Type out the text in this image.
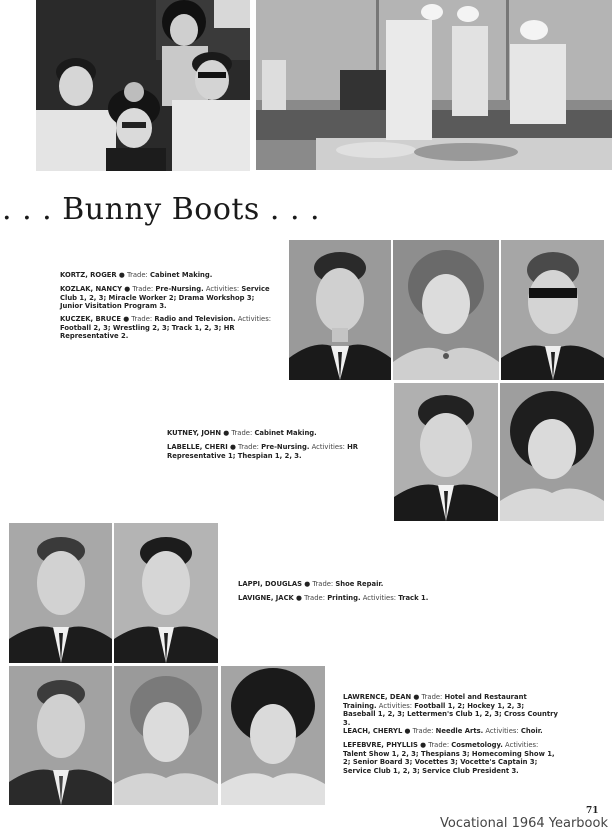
. . . Bunny Boots . . .
KORTZ, ROGER ● Trade: Cabinet Making.
KOZLAK, NANCY ● Trade: Pre-Nursing. Activities: Service Club 1, 2, 3; Miracle Worker 2; Drama Workshop 3; Junior Visitation Program 3.
KUCZEK, BRUCE ● Trade: Radio and Television. Activities: Football 2, 3; Wrestling 2, 3; Track 1, 2, 3; HR Representative 2.
KUTNEY, JOHN ● Trade: Cabinet Making.
LABELLE, CHERI ● Trade: Pre-Nursing. Activities: HR Representative 1; Thespian 1, 2, 3.
LAPPI, DOUGLAS ● Trade: Shoe Repair.
LAVIGNE, JACK ● Trade: Printing. Activities: Track 1.
LAWRENCE, DEAN ● Trade: Hotel and Restaurant Training. Activities: Football 1, 2; Hockey 1, 2, 3; Baseball 1, 2, 3; Lettermen's Club 1, 2, 3; Cross Country 3.
LEACH, CHERYL ● Trade: Needle Arts. Activities: Choir.
LEFEBVRE, PHYLLIS ● Trade: Cosmetology. Activities: Talent Show 1, 2, 3; Thespians 3; Homecoming Show 1, 2; Senior Board 3; Vocettes 3; Vocette's Captain 3; Service Club 1, 2, 3; Service Club President 3.
71
Vocational 1964 Yearbook
